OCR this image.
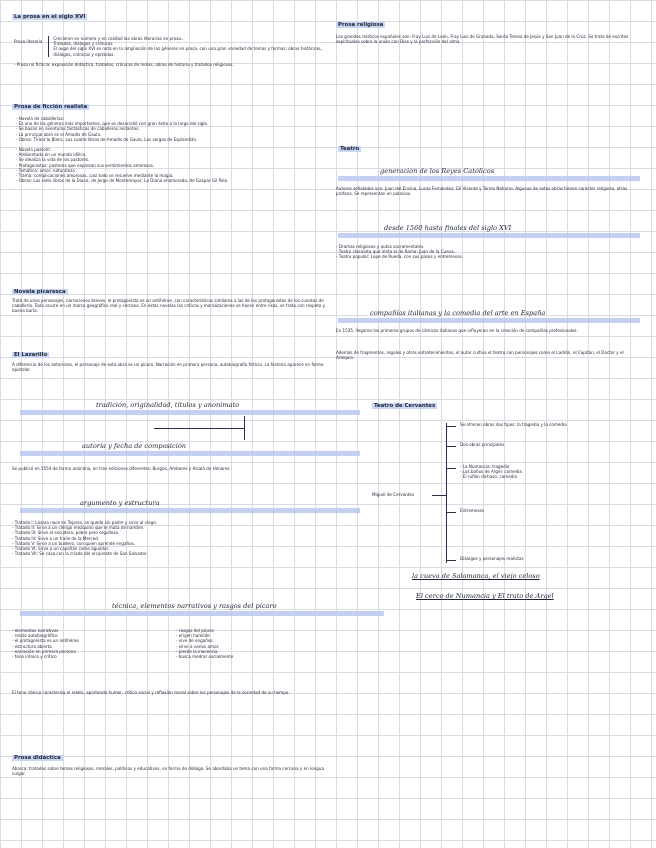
La prosa en el siglo XVI
Prosa literaria
Crecieron en número y en calidad las obras literarias en prosa...
Tratados, diálogos y crónicas
El auge del siglo XVI se nota en la ampliación de los géneros en prosa, con una gran variedad de temas y formas; obras históricas, diálogos, crónicas y epístolas.
- Prosa no ficticia: exposición didáctica, tratados, crónicas de Indias, obras de historia y tratados religiosos.
Prosa de ficción realista
- Novela de caballerías:
· Es uno de los géneros más importantes, que se desarrolló con gran éxito a lo largo del siglo.
· Se basan en aventuras fantásticas de caballeros andantes.
· La principal obra es el Amadís de Gaula.
· Obras: Tirant lo Blanc, Los cuatro libros de Amadís de Gaula, Las sergas de Esplandián.
- Novela pastoril:
· Ambientada en un mundo idílico.
· Se idealiza la vida de los pastores.
· Protagonistas: pastores que expresan sus sentimientos amorosos.
· Temática: amor, naturaleza.
· Trama: complicaciones amorosas, casi todo se resuelve mediante la magia.
· Obras: Los siete libros de la Diana, de Jorge de Montemayor; La Diana enamorada, de Gaspar Gil Polo.
Novela picaresca
Trata de unos personajes, narraciones breves, el protagonista es un antihéroe, con características similares a las de los protagonistas de los cuentos de caballería. Todo ocurre en un marco geográfico real y cercano. En estas novelas las críticas y moralizaciones se hacen entre risas, se trata con respeto y buena burla.
El Lazarillo
A diferencia de los anteriores, el personaje de esta obra es un pícaro. Narración en primera persona, autobiografía ficticia. La historia aparece en forma epistolar.
tradición, originalidad, títulos y anonimato
autoría y fecha de composición
Se publicó en 1554 de forma anónima, en tres ediciones diferentes: Burgos, Amberes y Alcalá de Henares.
argumento y estructura
- Tratado I: Lázaro nace en Tejares, se queda sin padre y sirve al ciego.
- Tratado II: Sirve a un clérigo mezquino que le mata de hambre.
- Tratado III: Sirve al escudero, pobre pero orgulloso.
- Tratado IV: Sirve a un fraile de la Merced.
- Tratado V: Sirve a un buldero, con quien aprende engaños.
- Tratado VI: Sirve a un capellán como aguador.
- Tratado VII: Se casa con la criada del arcipreste de San Salvador.
técnica, elementos narrativos y rasgos del pícaro
- elementos narrativos
- relato autobiográfico
- el protagonista es un antihéroe
- estructura abierta
- narración en primera persona
- tono irónico y crítico
- rasgos del pícaro
- origen humilde
- vive de engaños
- sirve a varios amos
- pierde la inocencia
- busca medrar socialmente
El tono irónico caracteriza el relato, aportando humor, crítica social y reflexión moral sobre los personajes de la sociedad de su tiempo.
Prosa didáctica
Abarca: tratados sobre temas religiosos, morales, políticos y educativos, en forma de diálogo. Se abordaba un tema con una forma cercana y en lengua vulgar.
Prosa religiosa
Los grandes místicos españoles son: Fray Luis de León, Fray Luis de Granada, Santa Teresa de Jesús y San Juan de la Cruz. Se trata de escritos espirituales sobre la unión con Dios y la perfección del alma.
Teatro
generación de los Reyes Católicos
Autores señalados son: Juan del Encina, Lucas Fernández, Gil Vicente y Torres Naharro. Algunas de estas obras tienen carácter religioso, otras profano. Se representan en palacios.
desde 1560 hasta finales del siglo XVI
- Dramas religiosos y autos sacramentales.
- Teatro clasicista que imita el de Roma: Juan de la Cueva.
- Teatro popular: Lope de Rueda, con sus pasos y entremeses.
compañías italianas y la comedia del arte en España
En 1535, llegaron los primeros grupos de cómicos italianos que influyeron en la creación de compañías profesionales.
Además de fragmentos, regalos y otros entretenimientos, el autor cultiva el teatro con personajes como el Ladrón, el Capitán, el Doctor y el Arlequín.
Teatro de Cervantes
Miguel de Cervantes
Se ofrecen obras dos tipos: la tragedia y la comedia
Dos obras principales
- La Numancia: tragedia
- Los baños de Argel: comedia
- El rufián dichoso: comedia
Entremeses
Diálogos y personajes realistas
la cueva de Salamanca, el viejo celoso
El cerco de Numancia y El trato de Argel
